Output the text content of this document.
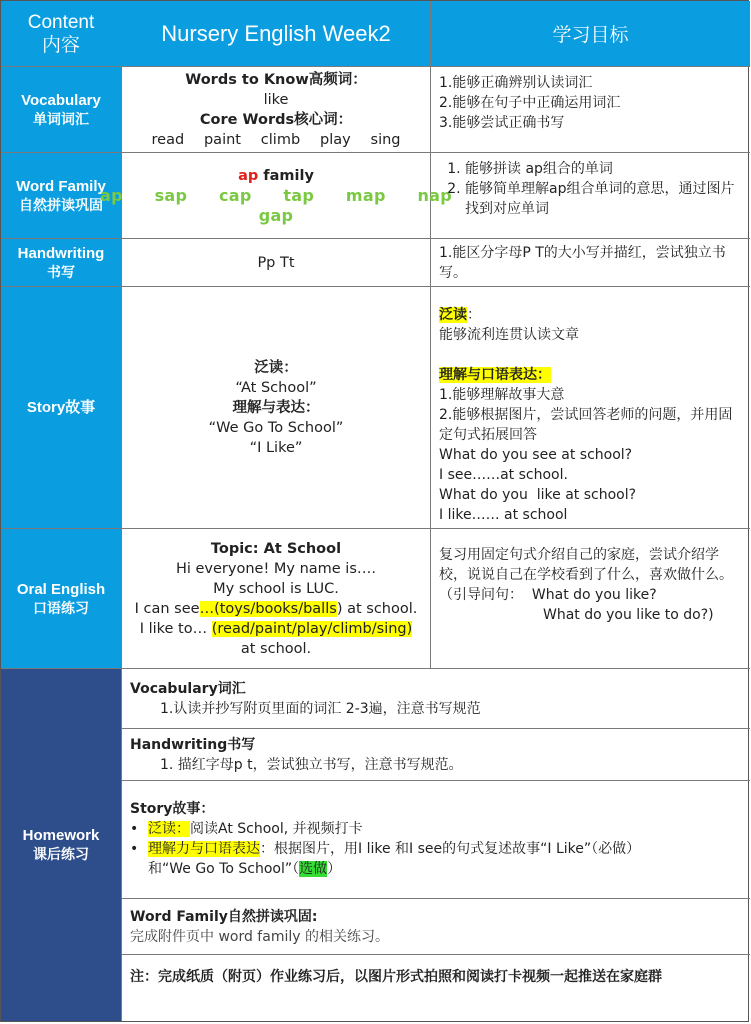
Content
内容	Nursery English Week2	学习目标
Vocabulary
单词词汇
Words to Know高频词：
like
Core Words核心词：
read   paint   climb   play   sing

1.能够正确辨别认读词汇

2.能够在句子中正确运用词汇

3.能够尝试正确书写

Word Family
自然拼读巩固
ap family
ap  sap  cap  tap  map  nap
gap
1. 能够拼读 ap组合的单词
2. 能够简单理解ap组合单词的意思，通过图片找到对应单词
Handwriting
书写
Pp Tt

1.能区分字母P T的大小写并描红，尝试独立书写。

Story故事
泛读：
“At School”
理解与表达：
“We Go To School”
“I Like”

泛读：

能够流利连贯认读文章

理解与口语表达：

1.能够理解故事大意

2.能够根据图片，尝试回答老师的问题，并用固定句式拓展回答

What do you see at school?

I see……at school.

What do you  like at school?

I like…… at school

Oral English
口语练习
Topic: At School
Hi everyone! My name is….
My school is LUC.
I can see…(toys/books/balls) at school.
I like to… (read/paint/play/climb/sing)
at school.

复习用固定句式介绍自己的家庭，尝试介绍学校，说说自己在学校看到了什么，喜欢做什么。

（引导问句：  What do you like?

What do you like to do?)

Homework
课后练习

Vocabulary词汇

1.认读并抄写附页里面的词汇 2-3遍，注意书写规范

Handwriting书写

1. 描红字母p t，尝试独立书写，注意书写规范。

Story故事：

• 泛读：阅读At School, 并视频打卡
• 理解力与口语表达：根据图片，用I like 和I see的句式复述故事“I Like”（必做）
和“We Go To School”（选做）

Word Family自然拼读巩固:

完成附件页中 word family 的相关练习。

注：完成纸质（附页）作业练习后，以图片形式拍照和阅读打卡视频一起推送在家庭群
